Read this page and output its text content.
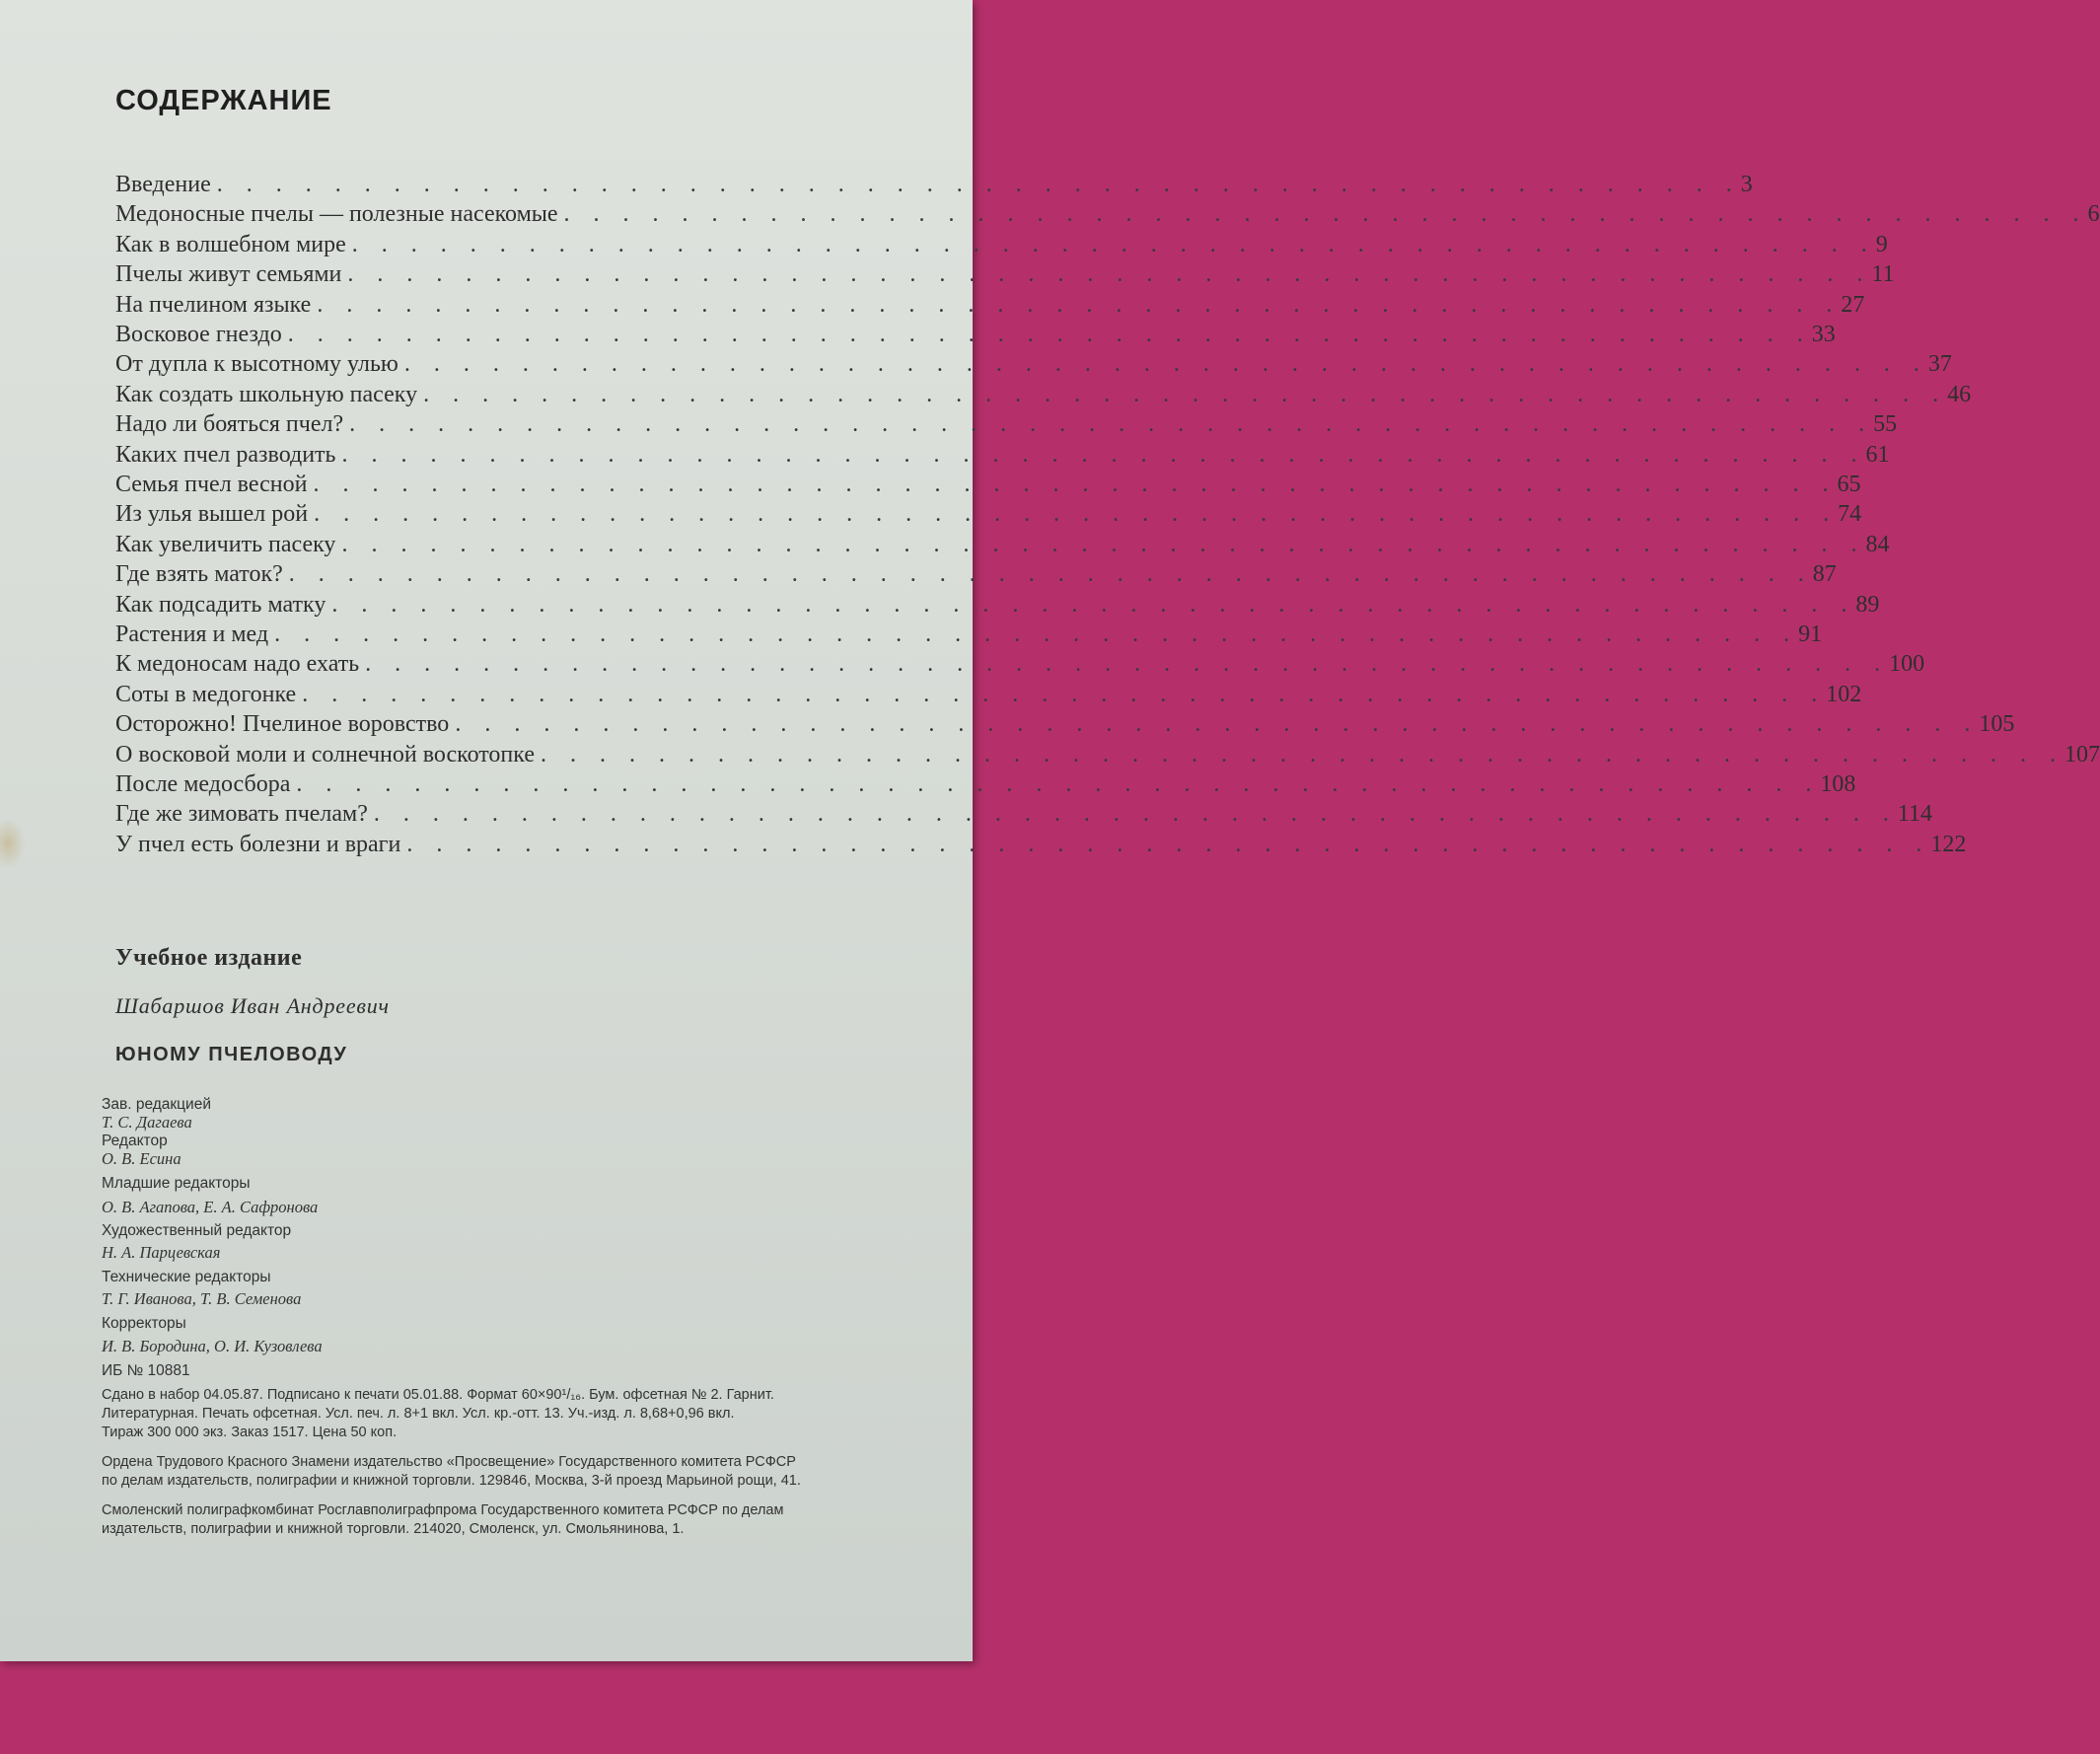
СОДЕРЖАНИЕ
Введение . . . . . . . . . . . . . . . . . . . . . . . . . . . . . . . . . . . . . . . . . . . . . . . . . . . . 3
Медоносные пчелы — полезные насекомые . . . . . . . . . . . . . . . . . . . . . . . . . . . . . . . . . . . . . . . . . . . . . . . . . . . . 6
Как в волшебном мире . . . . . . . . . . . . . . . . . . . . . . . . . . . . . . . . . . . . . . . . . . . . . . . . . . . . 9
Пчелы живут семьями . . . . . . . . . . . . . . . . . . . . . . . . . . . . . . . . . . . . . . . . . . . . . . . . . . . . 11
На пчелином языке . . . . . . . . . . . . . . . . . . . . . . . . . . . . . . . . . . . . . . . . . . . . . . . . . . . . 27
Восковое гнездо . . . . . . . . . . . . . . . . . . . . . . . . . . . . . . . . . . . . . . . . . . . . . . . . . . . . 33
От дупла к высотному улью . . . . . . . . . . . . . . . . . . . . . . . . . . . . . . . . . . . . . . . . . . . . . . . . . . . . 37
Как создать школьную пасеку . . . . . . . . . . . . . . . . . . . . . . . . . . . . . . . . . . . . . . . . . . . . . . . . . . . . 46
Надо ли бояться пчел? . . . . . . . . . . . . . . . . . . . . . . . . . . . . . . . . . . . . . . . . . . . . . . . . . . . . 55
Каких пчел разводить . . . . . . . . . . . . . . . . . . . . . . . . . . . . . . . . . . . . . . . . . . . . . . . . . . . . 61
Семья пчел весной . . . . . . . . . . . . . . . . . . . . . . . . . . . . . . . . . . . . . . . . . . . . . . . . . . . . 65
Из улья вышел рой . . . . . . . . . . . . . . . . . . . . . . . . . . . . . . . . . . . . . . . . . . . . . . . . . . . . 74
Как увеличить пасеку . . . . . . . . . . . . . . . . . . . . . . . . . . . . . . . . . . . . . . . . . . . . . . . . . . . . 84
Где взять маток? . . . . . . . . . . . . . . . . . . . . . . . . . . . . . . . . . . . . . . . . . . . . . . . . . . . . 87
Как подсадить матку . . . . . . . . . . . . . . . . . . . . . . . . . . . . . . . . . . . . . . . . . . . . . . . . . . . . 89
Растения и мед . . . . . . . . . . . . . . . . . . . . . . . . . . . . . . . . . . . . . . . . . . . . . . . . . . . . 91
К медоносам надо ехать . . . . . . . . . . . . . . . . . . . . . . . . . . . . . . . . . . . . . . . . . . . . . . . . . . . . 100
Соты в медогонке . . . . . . . . . . . . . . . . . . . . . . . . . . . . . . . . . . . . . . . . . . . . . . . . . . . . 102
Осторожно! Пчелиное воровство . . . . . . . . . . . . . . . . . . . . . . . . . . . . . . . . . . . . . . . . . . . . . . . . . . . . 105
О восковой моли и солнечной воскотопке . . . . . . . . . . . . . . . . . . . . . . . . . . . . . . . . . . . . . . . . . . . . . . . . . . . . 107
После медосбора . . . . . . . . . . . . . . . . . . . . . . . . . . . . . . . . . . . . . . . . . . . . . . . . . . . . 108
Где же зимовать пчелам? . . . . . . . . . . . . . . . . . . . . . . . . . . . . . . . . . . . . . . . . . . . . . . . . . . . . 114
У пчел есть болезни и враги . . . . . . . . . . . . . . . . . . . . . . . . . . . . . . . . . . . . . . . . . . . . . . . . . . . . 122
Учебное издание
Шабаршов Иван Андреевич
ЮНОМУ ПЧЕЛОВОДУ
Зав. редакцией
Т. С. Дагаева
Редактор
О. В. Есина
Младшие редакторы
О. В. Агапова, Е. А. Сафронова
Художественный редактор
Н. А. Парцевская
Технические редакторы
Т. Г. Иванова, Т. В. Семенова
Корректоры
И. В. Бородина, О. И. Кузовлева
ИБ № 10881
Сдано в набор 04.05.87. Подписано к печати 05.01.88. Формат 60×90¹/₁₆. Бум. офсетная № 2. Гарнит.
Литературная. Печать офсетная. Усл. печ. л. 8+1 вкл. Усл. кр.-отт. 13. Уч.-изд. л. 8,68+0,96 вкл.
Тираж 300 000 экз. Заказ 1517. Цена 50 коп.
Ордена Трудового Красного Знамени издательство «Просвещение» Государственного комитета РСФСР
по делам издательств, полиграфии и книжной торговли. 129846, Москва, 3-й проезд Марьиной рощи, 41.
Смоленский полиграфкомбинат Росглавполиграфпрома Государственного комитета РСФСР по делам
издательств, полиграфии и книжной торговли. 214020, Смоленск, ул. Смольянинова, 1.
